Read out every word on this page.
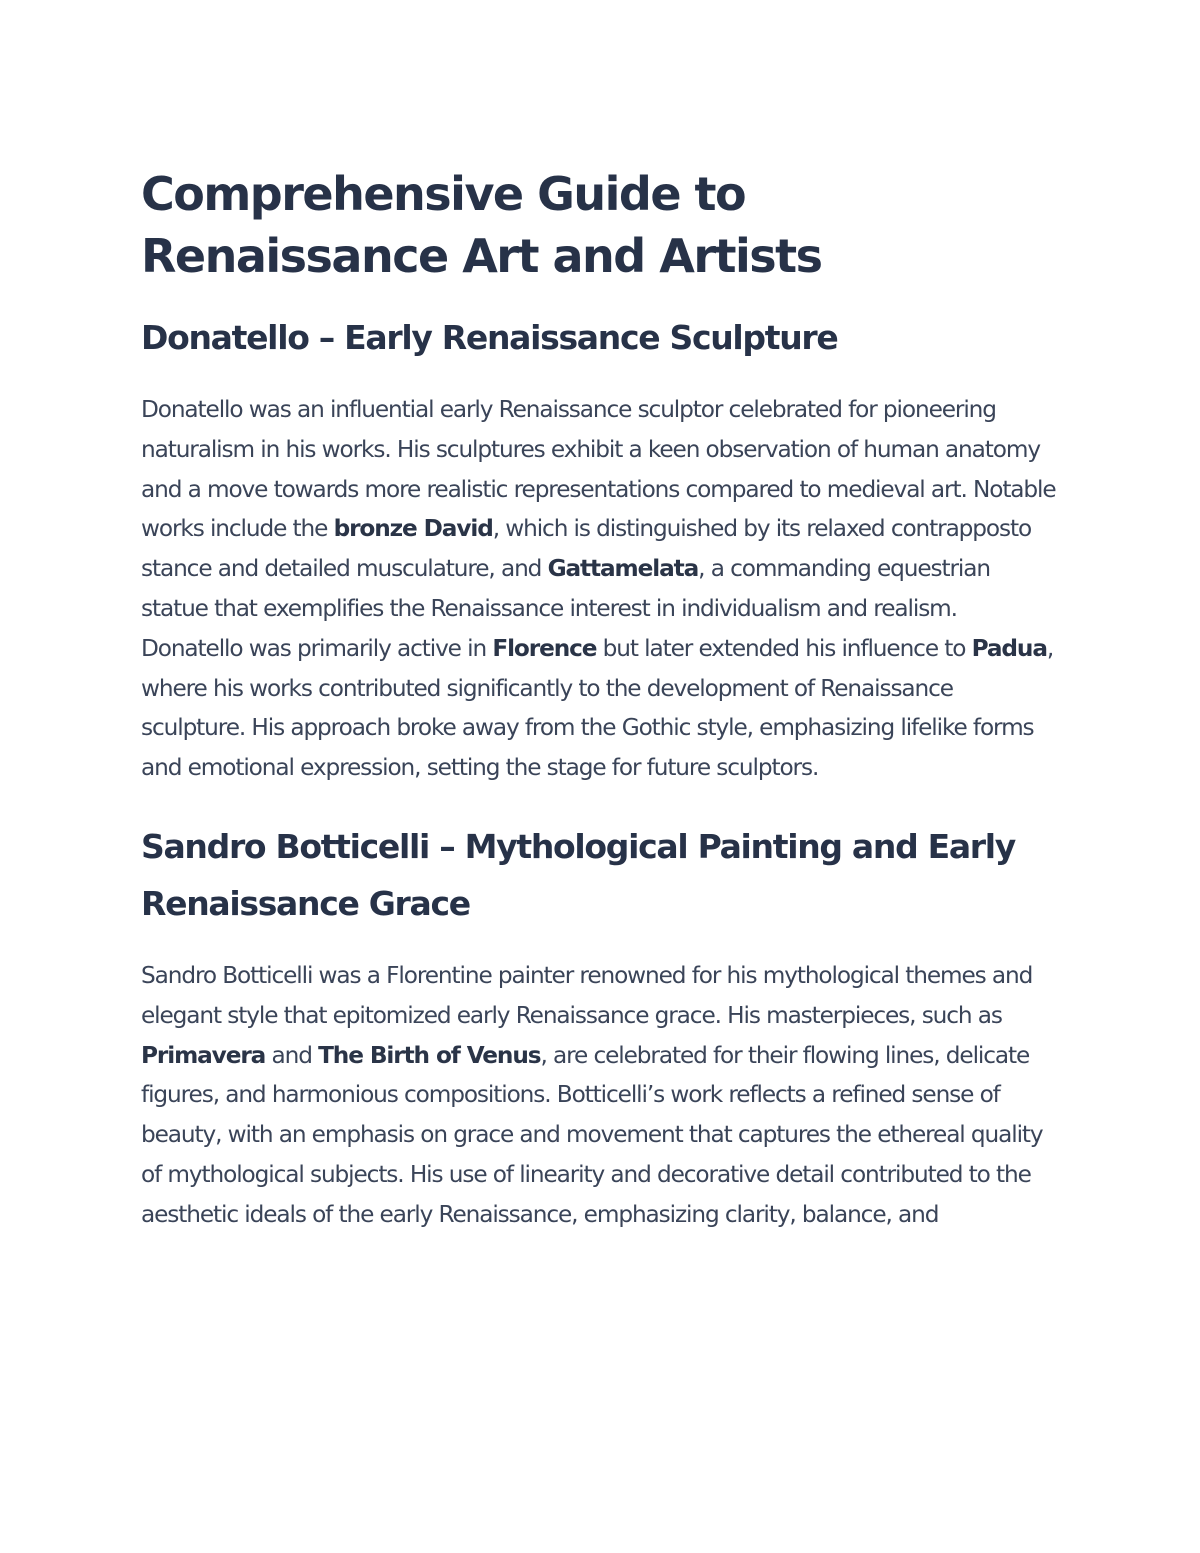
Comprehensive Guide to Renaissance Art and Artists
Donatello – Early Renaissance Sculpture

Donatello was an influential early Renaissance sculptor celebrated for pioneering naturalism in his works. His sculptures exhibit a keen observation of human anatomy and a move towards more realistic representations compared to medieval art. Notable works include the bronze David, which is distinguished by its relaxed contrapposto stance and detailed musculature, and Gattamelata, a commanding equestrian statue that exemplifies the Renaissance interest in individualism and realism. Donatello was primarily active in Florence but later extended his influence to Padua, where his works contributed significantly to the development of Renaissance sculpture. His approach broke away from the Gothic style, emphasizing lifelike forms and emotional expression, setting the stage for future sculptors.

Sandro Botticelli – Mythological Painting and Early Renaissance Grace

Sandro Botticelli was a Florentine painter renowned for his mythological themes and elegant style that epitomized early Renaissance grace. His masterpieces, such as Primavera and The Birth of Venus, are celebrated for their flowing lines, delicate figures, and harmonious compositions. Botticelli’s work reflects a refined sense of beauty, with an emphasis on grace and movement that captures the ethereal quality of mythological subjects. His use of linearity and decorative detail contributed to the aesthetic ideals of the early Renaissance, emphasizing clarity, balance, and
